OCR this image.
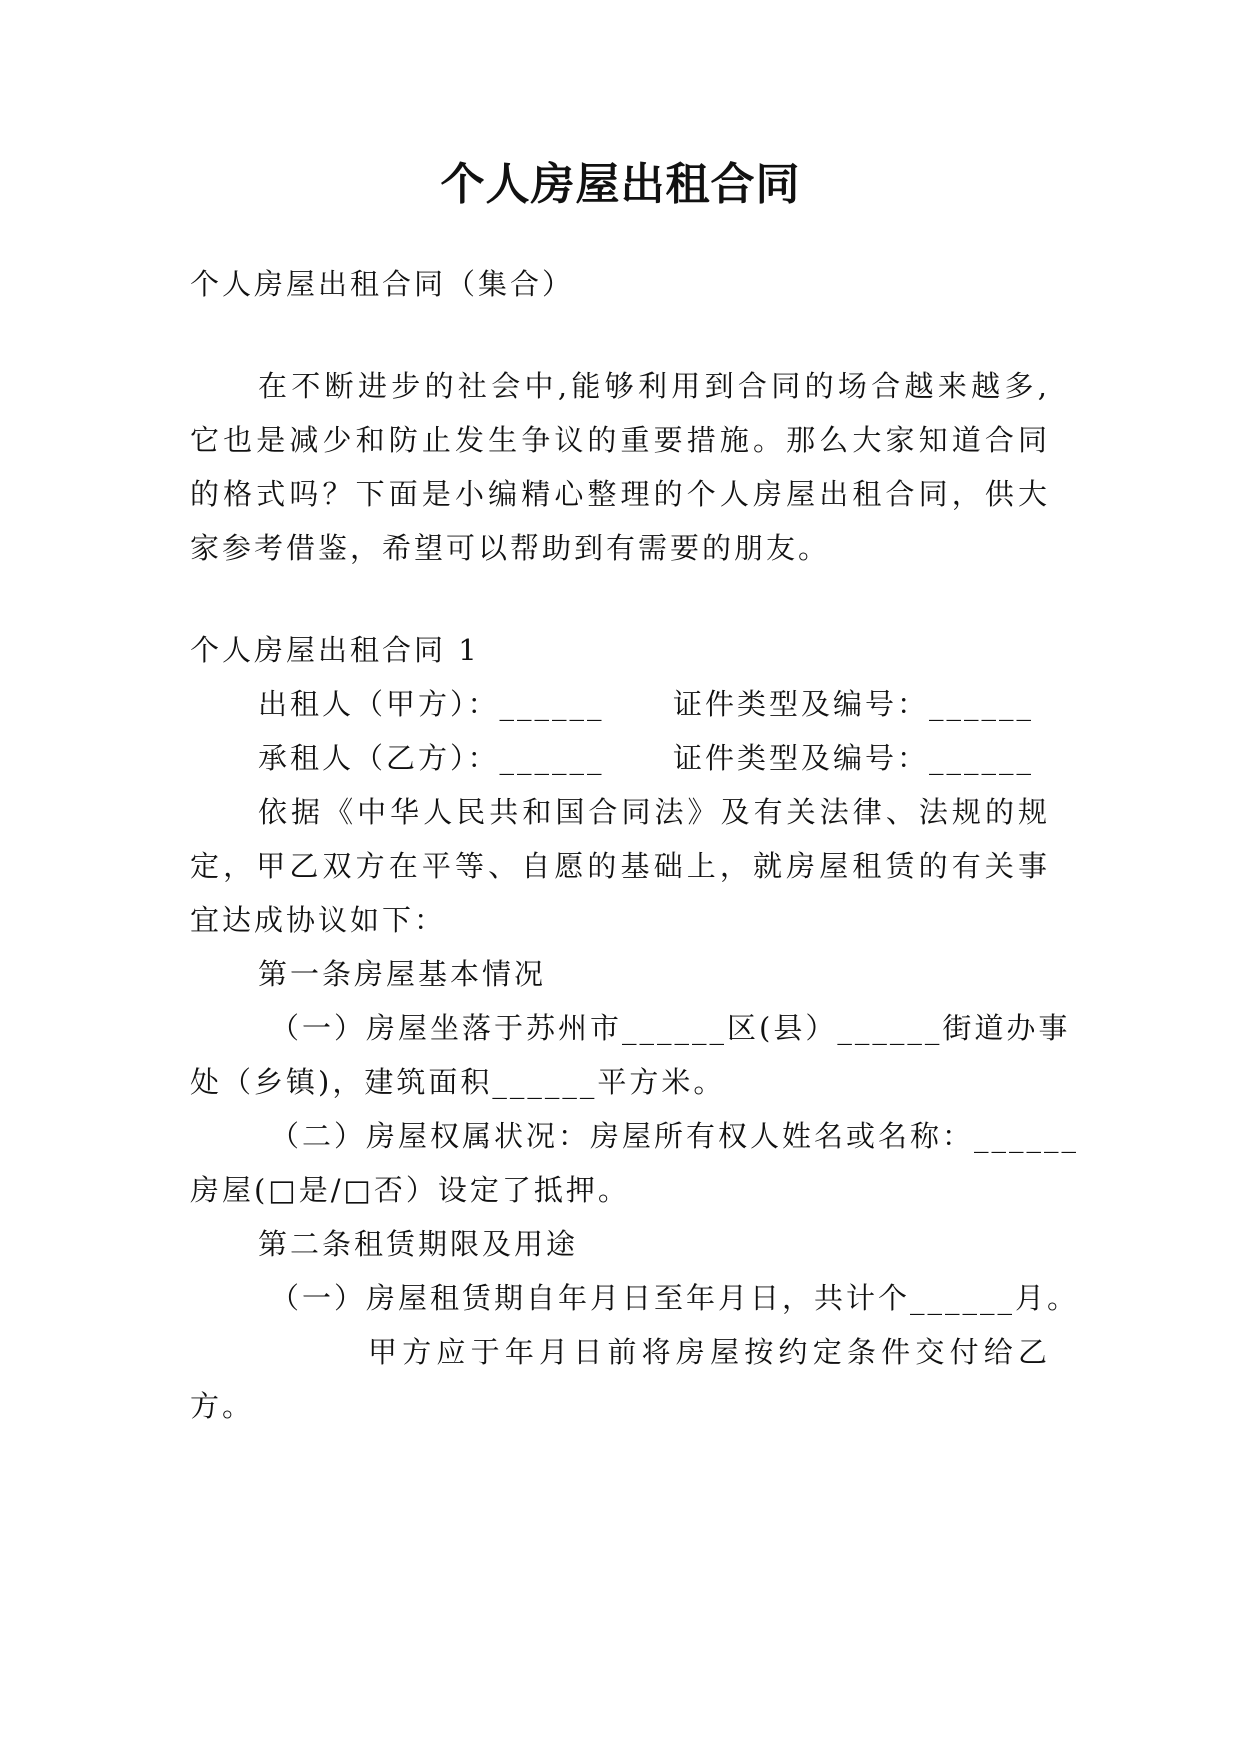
个人房屋出租合同

个人房屋出租合同（集合）

在不断进步的社会中,能够利用到合同的场合越来越多,

它也是减少和防止发生争议的重要措施。那么大家知道合同

的格式吗？下面是小编精心整理的个人房屋出租合同，供大

家参考借鉴，希望可以帮助到有需要的朋友。

个人房屋出租合同 1

出租人（甲方）：______ 证件类型及编号：______
承租人（乙方）：______ 证件类型及编号：______

依据《中华人民共和国合同法》及有关法律、法规的规

定，甲乙双方在平等、自愿的基础上，就房屋租赁的有关事

宜达成协议如下：

第一条房屋基本情况

（一）房屋坐落于苏州市______区(县）______街道办事

处（乡镇)，建筑面积______平方米。

（二）房屋权属状况：房屋所有权人姓名或名称：______

房屋(□是/□否）设定了抵押。

第二条租赁期限及用途

（一）房屋租赁期自年月日至年月日，共计个______月。

甲方应于年月日前将房屋按约定条件交付给乙

方。
